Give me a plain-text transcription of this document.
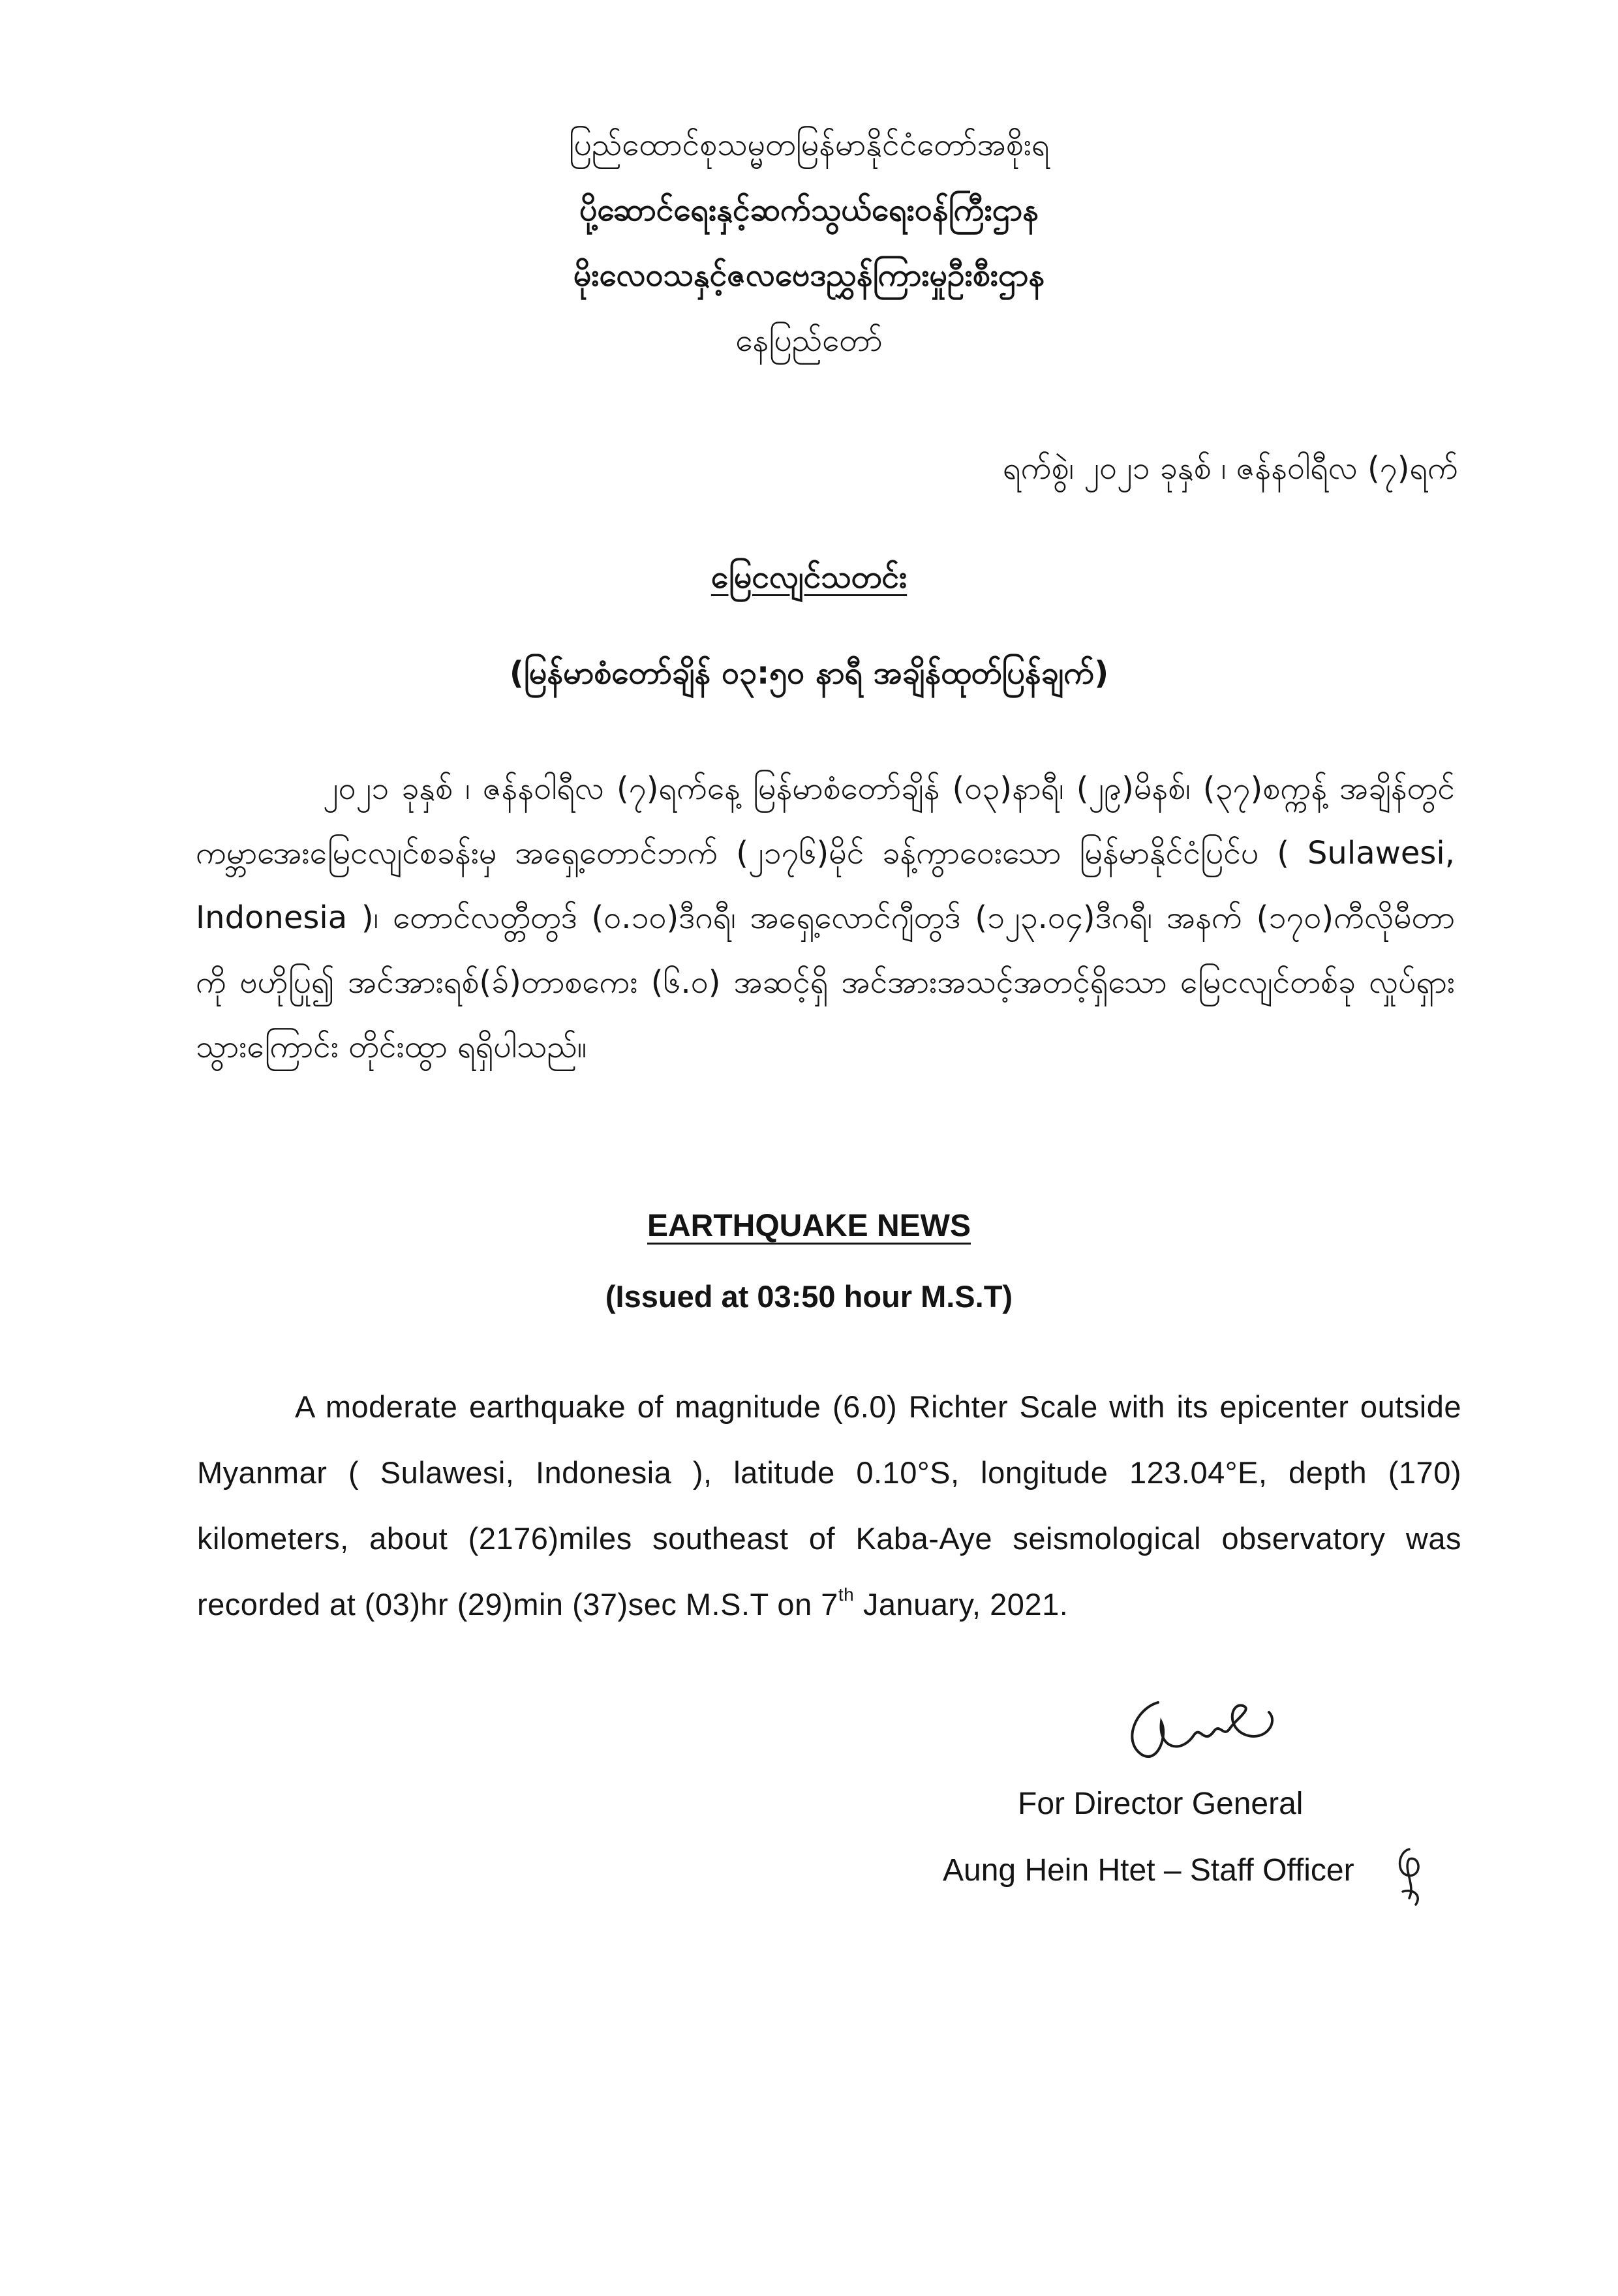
ပြည်ထောင်စုသမ္မတမြန်မာနိုင်ငံတော်အစိုးရ
ပို့ဆောင်ရေးနှင့်ဆက်သွယ်ရေးဝန်ကြီးဌာန
မိုးလေဝသနှင့်ဇလဗေဒညွှန်ကြားမှုဦးစီးဌာန
နေပြည်တော်
ရက်စွဲ၊ ၂၀၂၁ ခုနှစ် ၊ ဇန်နဝါရီလ (၇)ရက်
မြေငလျင်သတင်း
(မြန်မာစံတော်ချိန် ၀၃:၅၀ နာရီ အချိန်ထုတ်ပြန်ချက်)
၂၀၂၁ ခုနှစ် ၊ ဇန်နဝါရီလ (၇)ရက်နေ့ မြန်မာစံတော်ချိန် (၀၃)နာရီ၊ (၂၉)မိနစ်၊ (၃၇)စက္ကန့် အချိန်တွင် ကမ္ဘာအေးမြေငလျင်စခန်းမှ အရှေ့တောင်ဘက် (၂၁၇၆)မိုင် ခန့်ကွာဝေးသော မြန်မာနိုင်ငံပြင်ပ ( Sulawesi, Indonesia )၊ တောင်လတ္တီတွဒ် (၀.၁၀)ဒီဂရီ၊ အရှေ့လောင်ဂျီတွဒ် (၁၂၃.၀၄)ဒီဂရီ၊ အနက် (၁၇၀)ကီလိုမီတာကို ဗဟိုပြု၍ အင်အားရစ်(ခ်)တာစကေး (၆.၀) အဆင့်ရှိ အင်အားအသင့်အတင့်ရှိသော မြေငလျင်တစ်ခု လှုပ်ရှားသွားကြောင်း တိုင်းထွာ ရရှိပါသည်။
EARTHQUAKE NEWS
(Issued at 03:50 hour M.S.T)
A moderate earthquake of magnitude (6.0) Richter Scale with its epicenter outside Myanmar ( Sulawesi, Indonesia ), latitude 0.10°S, longitude 123.04°E, depth (170) kilometers, about (2176)miles southeast of Kaba-Aye seismological observatory was recorded at (03)hr (29)min (37)sec M.S.T on 7th January, 2021.
For Director General
Aung Hein Htet – Staff Officer
